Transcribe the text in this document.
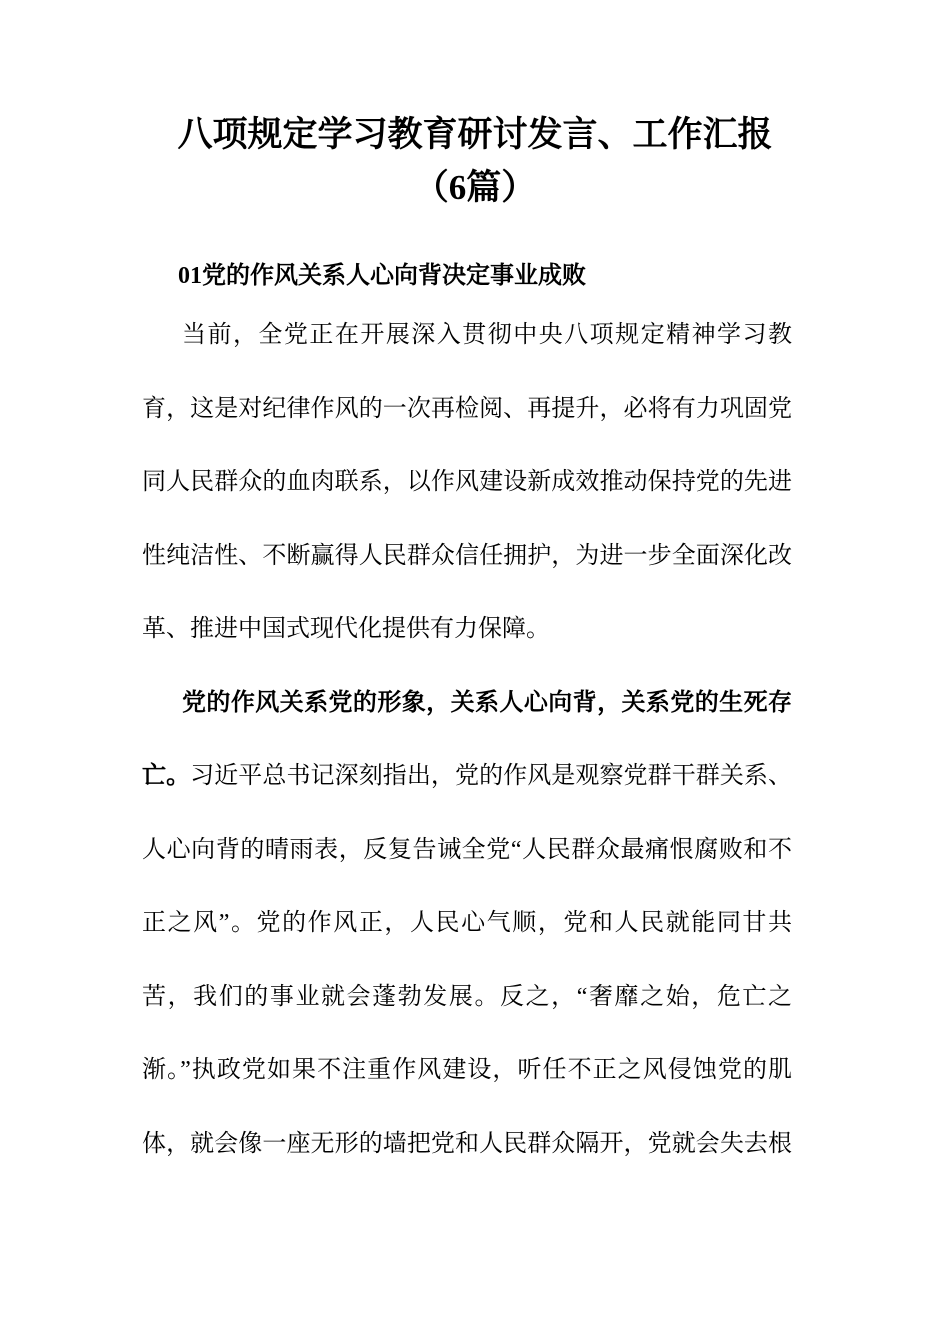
八项规定学习教育研讨发言、工作汇报
（6篇）
01党的作风关系人心向背决定事业成败
当前，全党正在开展深入贯彻中央八项规定精神学习教
育，这是对纪律作风的一次再检阅、再提升，必将有力巩固党
同人民群众的血肉联系，以作风建设新成效推动保持党的先进
性纯洁性、不断赢得人民群众信任拥护，为进一步全面深化改
革、推进中国式现代化提供有力保障。
党的作风关系党的形象，关系人心向背，关系党的生死存
亡。习近平总书记深刻指出，党的作风是观察党群干群关系、
人心向背的晴雨表，反复告诫全党“人民群众最痛恨腐败和不
正之风”。党的作风正，人民心气顺，党和人民就能同甘共
苦，我们的事业就会蓬勃发展。反之，“奢靡之始，危亡之
渐。”执政党如果不注重作风建设，听任不正之风侵蚀党的肌
体，就会像一座无形的墙把党和人民群众隔开，党就会失去根
